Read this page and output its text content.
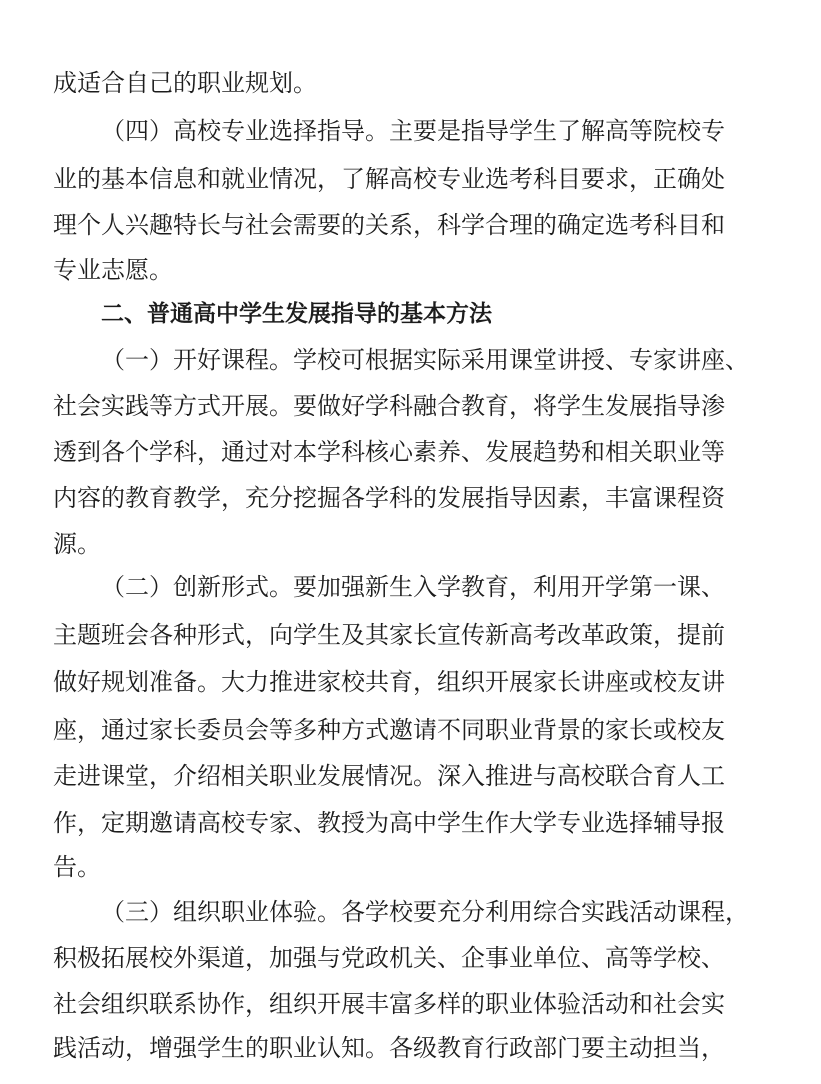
成适合自己的职业规划。
（四）高校专业选择指导。主要是指导学生了解高等院校专
业的基本信息和就业情况，了解高校专业选考科目要求，正确处
理个人兴趣特长与社会需要的关系，科学合理的确定选考科目和
专业志愿。
二、普通高中学生发展指导的基本方法
（一）开好课程。学校可根据实际采用课堂讲授、专家讲座、
社会实践等方式开展。要做好学科融合教育，将学生发展指导渗
透到各个学科，通过对本学科核心素养、发展趋势和相关职业等
内容的教育教学，充分挖掘各学科的发展指导因素，丰富课程资
源。
（二）创新形式。要加强新生入学教育，利用开学第一课、
主题班会各种形式，向学生及其家长宣传新高考改革政策，提前
做好规划准备。大力推进家校共育，组织开展家长讲座或校友讲
座，通过家长委员会等多种方式邀请不同职业背景的家长或校友
走进课堂，介绍相关职业发展情况。深入推进与高校联合育人工
作，定期邀请高校专家、教授为高中学生作大学专业选择辅导报
告。
（三）组织职业体验。各学校要充分利用综合实践活动课程，
积极拓展校外渠道，加强与党政机关、企事业单位、高等学校、
社会组织联系协作，组织开展丰富多样的职业体验活动和社会实
践活动，增强学生的职业认知。各级教育行政部门要主动担当，
